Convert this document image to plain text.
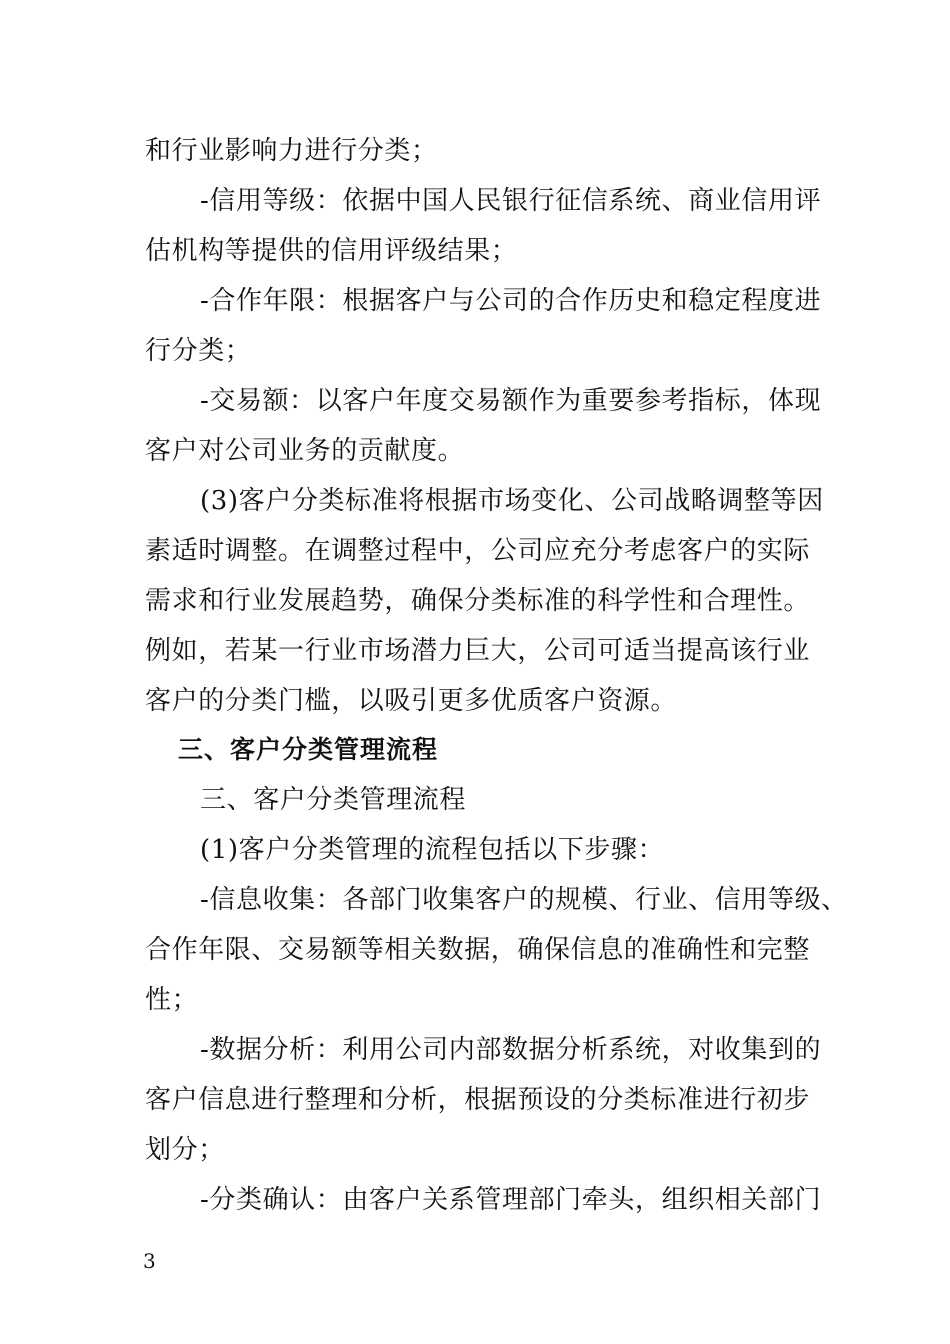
和行业影响力进行分类；
-信用等级：依据中国人民银行征信系统、商业信用评
估机构等提供的信用评级结果；
-合作年限：根据客户与公司的合作历史和稳定程度进
行分类；
-交易额：以客户年度交易额作为重要参考指标，体现
客户对公司业务的贡献度。
(3)客户分类标准将根据市场变化、公司战略调整等因
素适时调整。在调整过程中，公司应充分考虑客户的实际
需求和行业发展趋势，确保分类标准的科学性和合理性。
例如，若某一行业市场潜力巨大，公司可适当提高该行业
客户的分类门槛，以吸引更多优质客户资源。
三、客户分类管理流程
三、客户分类管理流程
(1)客户分类管理的流程包括以下步骤：
-信息收集：各部门收集客户的规模、行业、信用等级、
合作年限、交易额等相关数据，确保信息的准确性和完整
性；
-数据分析：利用公司内部数据分析系统，对收集到的
客户信息进行整理和分析，根据预设的分类标准进行初步
划分；
-分类确认：由客户关系管理部门牵头，组织相关部门
3
